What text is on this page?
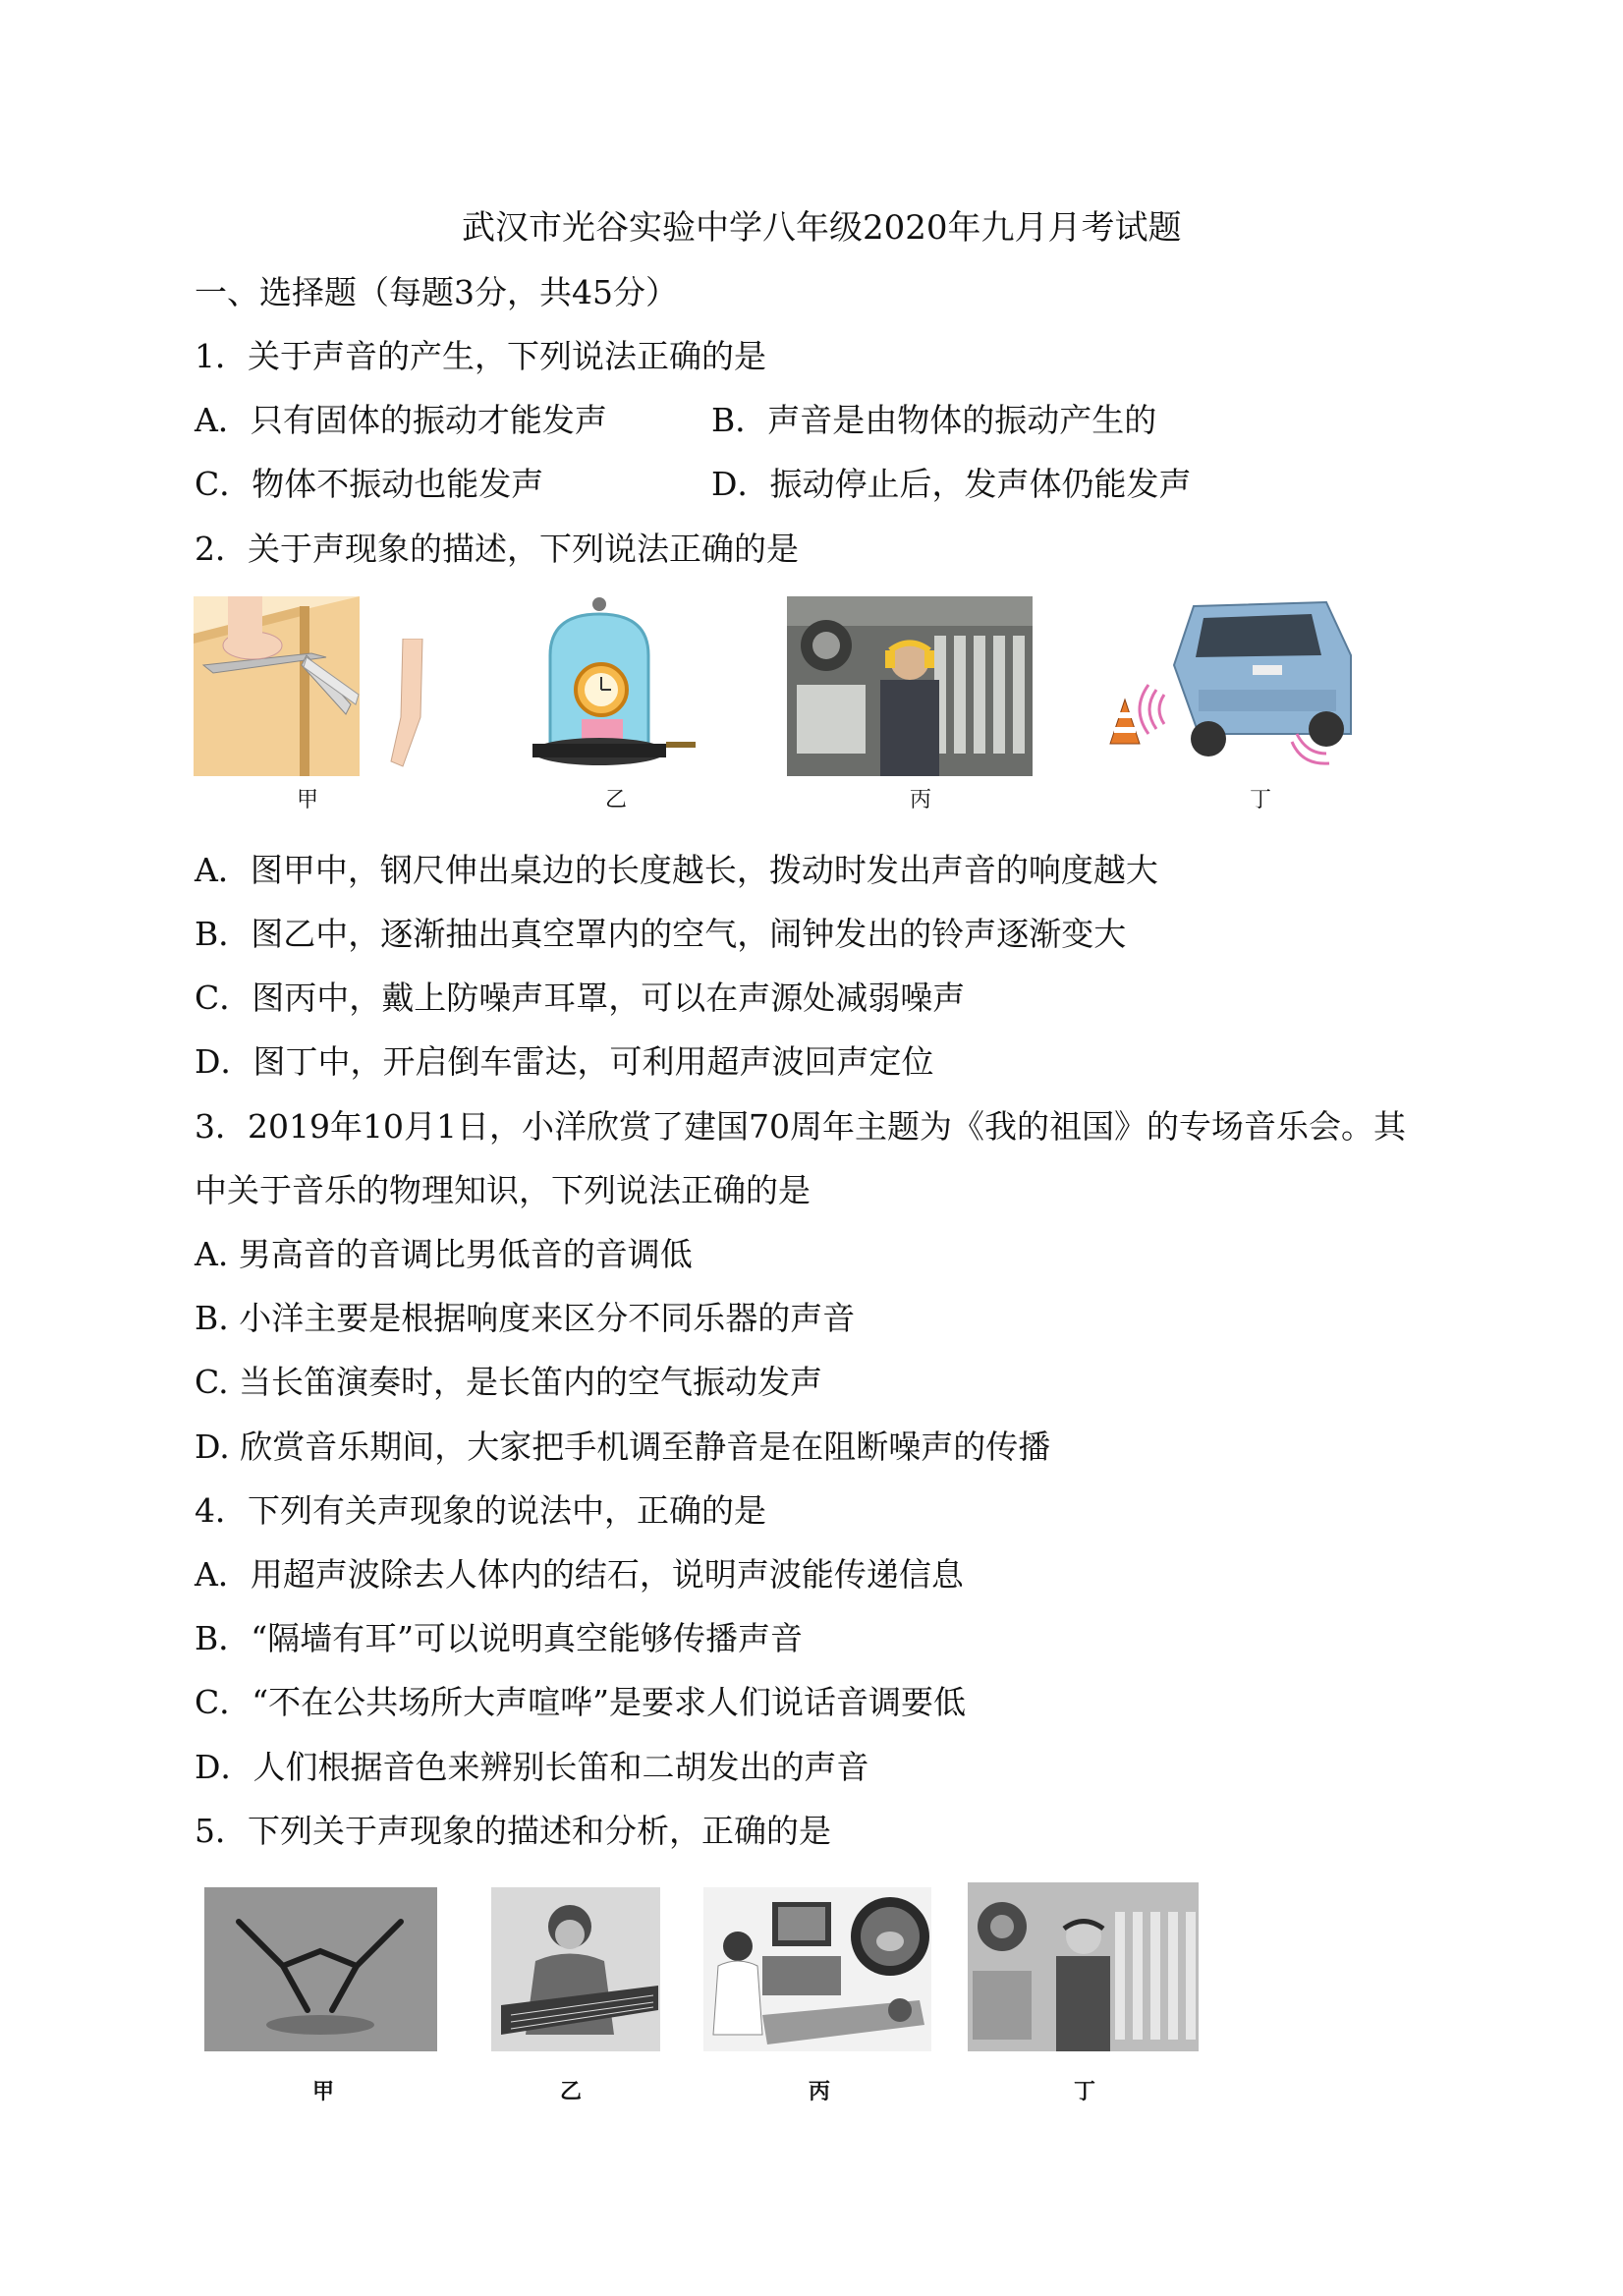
武汉市光谷实验中学八年级2020年九月月考试题
一、选择题（每题3分，共45分）
1．关于声音的产生，下列说法正确的是
A．只有固体的振动才能发声	B．声音是由物体的振动产生的
C．物体不振动也能发声	D．振动停止后，发声体仍能发声
2．关于声现象的描述，下列说法正确的是
甲	乙	丙	丁
A．图甲中，钢尺伸出桌边的长度越长，拨动时发出声音的响度越大
B．图乙中，逐渐抽出真空罩内的空气，闹钟发出的铃声逐渐变大
C．图丙中，戴上防噪声耳罩，可以在声源处减弱噪声
D．图丁中，开启倒车雷达，可利用超声波回声定位
3．2019年10月1日，小洋欣赏了建国70周年主题为《我的祖国》的专场音乐会。其
中关于音乐的物理知识，下列说法正确的是
A. 男高音的音调比男低音的音调低
B. 小洋主要是根据响度来区分不同乐器的声音
C. 当长笛演奏时，是长笛内的空气振动发声
D. 欣赏音乐期间，大家把手机调至静音是在阻断噪声的传播
4．下列有关声现象的说法中，正确的是
A．用超声波除去人体内的结石，说明声波能传递信息
B．“隔墙有耳”可以说明真空能够传播声音
C．“不在公共场所大声喧哗”是要求人们说话音调要低
D．人们根据音色来辨别长笛和二胡发出的声音
5．下列关于声现象的描述和分析，正确的是
甲	乙	丙	丁
